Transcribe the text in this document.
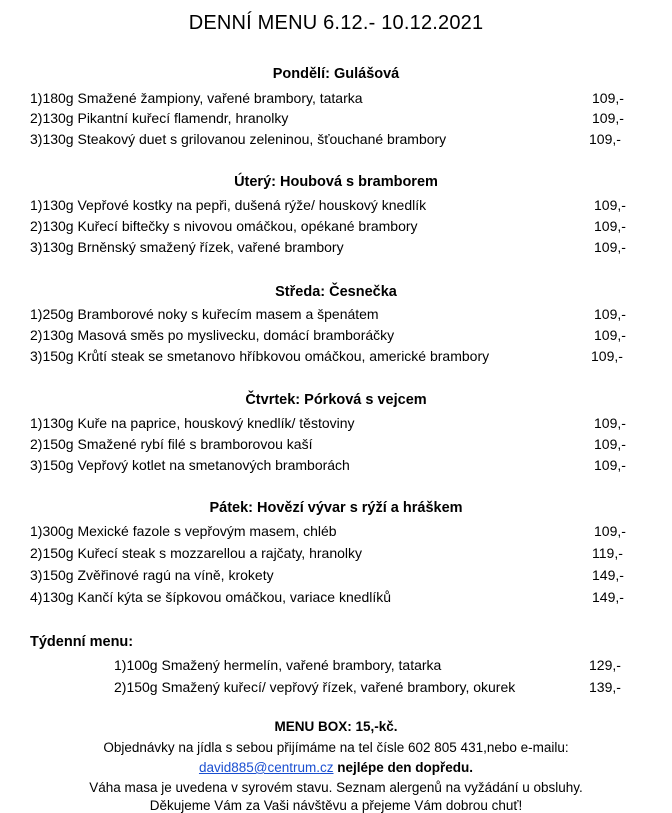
DENNÍ MENU 6.12.- 10.12.2021
Pondělí: Gulášová
1)180g Smažené žampiony, vařené brambory, tatarka	109,-
2)130g Pikantní kuřecí flamendr, hranolky	109,-
3)130g Steakový duet s grilovanou zeleninou, šťouchané brambory	109,-
Úterý: Houbová s bramborem
1)130g Vepřové kostky na pepři, dušená rýže/ houskový knedlík	109,-
2)130g Kuřecí biftečky s nivovou omáčkou, opékané brambory	109,-
3)130g Brněnský smažený řízek, vařené brambory	109,-
Středa: Česnečka
1)250g Bramborové noky s kuřecím masem a špenátem	109,-
2)130g Masová směs po myslivecku, domácí bramboráčky	109,-
3)150g Krůtí steak se smetanovo hříbkovou omáčkou, americké brambory	109,-
Čtvrtek: Pórková s vejcem
1)130g Kuře na paprice, houskový knedlík/ těstoviny	109,-
2)150g Smažené rybí filé s bramborovou kaší	109,-
3)150g Vepřový kotlet na smetanových bramborách	109,-
Pátek: Hovězí vývar s rýží a hráškem
1)300g Mexické fazole s vepřovým masem, chléb	109,-
2)150g Kuřecí steak s mozzarellou a rajčaty, hranolky	119,-
3)150g Zvěřinové ragú na víně, krokety	149,-
4)130g Kančí kýta se šípkovou omáčkou, variace knedlíků	149,-
Týdenní menu:
1)100g Smažený hermelín, vařené brambory, tatarka	129,-
2)150g Smažený kuřecí/ vepřový řízek, vařené brambory, okurek	139,-
MENU BOX: 15,-kč.
Objednávky na jídla s sebou přijímáme na tel čísle 602 805 431,nebo e-mailu:
david885@centrum.cz nejlépe den dopředu.
Váha masa je uvedena v syrovém stavu. Seznam alergenů na vyžádání u obsluhy.
Děkujeme Vám za Vaši návštěvu a přejeme Vám dobrou chuť!
